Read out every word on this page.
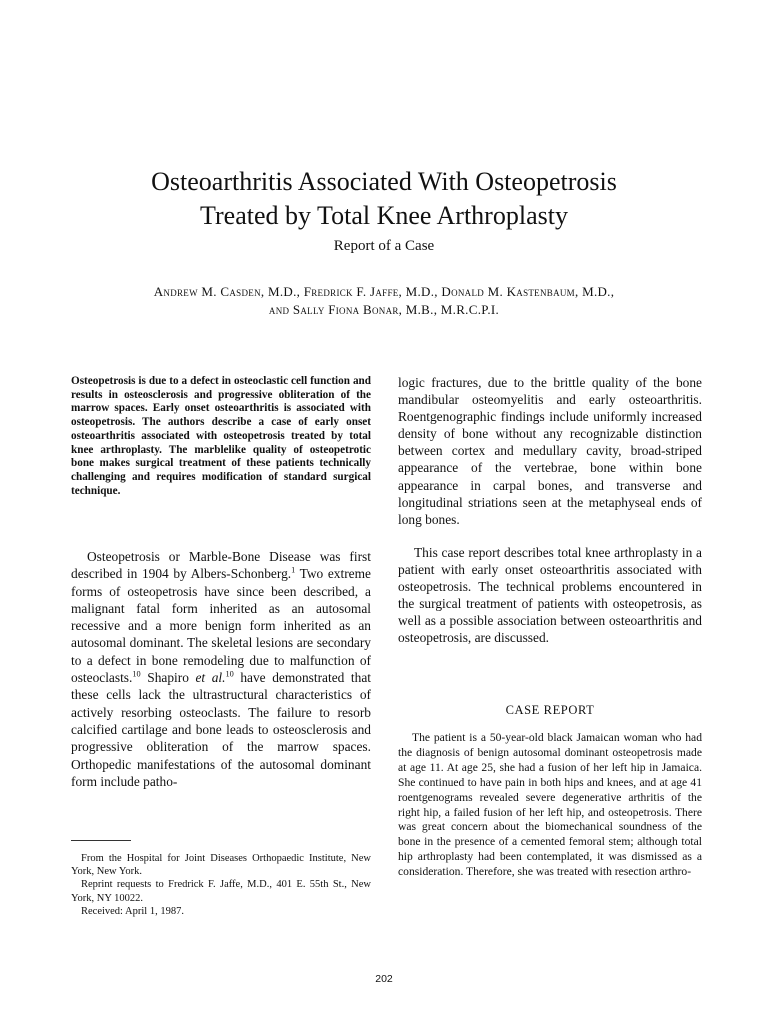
Osteoarthritis Associated With Osteopetrosis
Treated by Total Knee Arthroplasty
Report of a Case
Andrew M. Casden, M.D., Fredrick F. Jaffe, M.D., Donald M. Kastenbaum, M.D.,
and Sally Fiona Bonar, M.B., M.R.C.P.I.

Osteopetrosis is due to a defect in osteoclastic cell function and results in osteosclerosis and progressive obliteration of the marrow spaces. Early onset osteoarthritis is associated with osteopetrosis. The authors describe a case of early onset osteoarthritis associated with osteopetrosis treated by total knee arthroplasty. The marblelike quality of osteopetrotic bone makes surgical treatment of these patients technically challenging and requires modification of standard surgical technique.

Osteopetrosis or Marble-Bone Disease was first described in 1904 by Albers-Schonberg.$^1$ Two extreme forms of osteopetrosis have since been described, a malignant fatal form inherited as an autosomal recessive and a more benign form inherited as an autosomal dominant. The skeletal lesions are secondary to a defect in bone remodeling due to malfunction of osteoclasts.$^{10}$ Shapiro et al.$^{10}$ have demonstrated that these cells lack the ultrastructural characteristics of actively resorbing osteoclasts. The failure to resorb calcified cartilage and bone leads to osteosclerosis and progressive obliteration of the marrow spaces. Orthopedic manifestations of the autosomal dominant form include patho-

From the Hospital for Joint Diseases Orthopaedic Institute, New York, New York.

Reprint requests to Fredrick F. Jaffe, M.D., 401 E. 55th St., New York, NY 10022.

Received: April 1, 1987.

logic fractures, due to the brittle quality of the bone mandibular osteomyelitis and early osteoarthritis. Roentgenographic findings include uniformly increased density of bone without any recognizable distinction between cortex and medullary cavity, broad-striped appearance of the vertebrae, bone within bone appearance in carpal bones, and transverse and longitudinal striations seen at the metaphyseal ends of long bones.

This case report describes total knee arthroplasty in a patient with early onset osteoarthritis associated with osteopetrosis. The technical problems encountered in the surgical treatment of patients with osteopetrosis, as well as a possible association between osteoarthritis and osteopetrosis, are discussed.

CASE REPORT

The patient is a 50-year-old black Jamaican woman who had the diagnosis of benign autosomal dominant osteopetrosis made at age 11. At age 25, she had a fusion of her left hip in Jamaica. She continued to have pain in both hips and knees, and at age 41 roentgenograms revealed severe degenerative arthritis of the right hip, a failed fusion of her left hip, and osteopetrosis. There was great concern about the biomechanical soundness of the bone in the presence of a cemented femoral stem; although total hip arthroplasty had been contemplated, it was dismissed as a consideration. Therefore, she was treated with resection arthro-

202
